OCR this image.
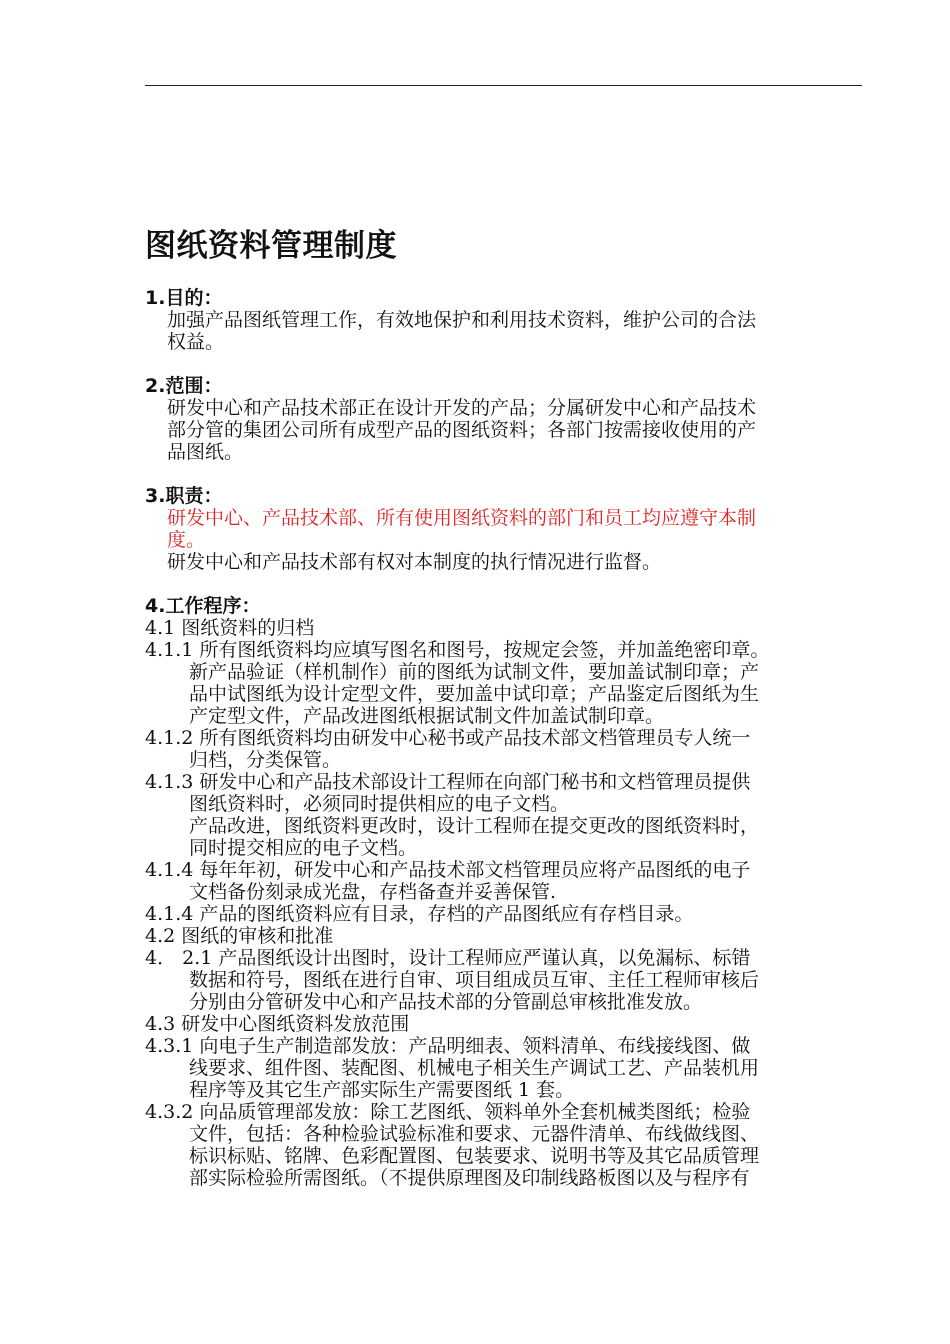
图纸资料管理制度
1.目的：
加强产品图纸管理工作，有效地保护和利用技术资料，维护公司的合法
权益。
2.范围：
研发中心和产品技术部正在设计开发的产品；分属研发中心和产品技术
部分管的集团公司所有成型产品的图纸资料；各部门按需接收使用的产
品图纸。
3.职责：
研发中心、产品技术部、所有使用图纸资料的部门和员工均应遵守本制
度。
研发中心和产品技术部有权对本制度的执行情况进行监督。
4.工作程序：
4.1 图纸资料的归档
4.1.1 所有图纸资料均应填写图名和图号，按规定会签，并加盖绝密印章。
新产品验证（样机制作）前的图纸为试制文件，要加盖试制印章；产
品中试图纸为设计定型文件，要加盖中试印章；产品鉴定后图纸为生
产定型文件，产品改进图纸根据试制文件加盖试制印章。
4.1.2 所有图纸资料均由研发中心秘书或产品技术部文档管理员专人统一
归档，分类保管。
4.1.3 研发中心和产品技术部设计工程师在向部门秘书和文档管理员提供
图纸资料时，必须同时提供相应的电子文档。
产品改进，图纸资料更改时，设计工程师在提交更改的图纸资料时，
同时提交相应的电子文档。
4.1.4 每年年初，研发中心和产品技术部文档管理员应将产品图纸的电子
文档备份刻录成光盘，存档备查并妥善保管.
4.1.4 产品的图纸资料应有目录，存档的产品图纸应有存档目录。
4.2 图纸的审核和批准
4． 2.1 产品图纸设计出图时，设计工程师应严谨认真，以免漏标、标错
数据和符号，图纸在进行自审、项目组成员互审、主任工程师审核后
分别由分管研发中心和产品技术部的分管副总审核批准发放。
4.3 研发中心图纸资料发放范围
4.3.1 向电子生产制造部发放：产品明细表、领料清单、布线接线图、做
线要求、组件图、装配图、机械电子相关生产调试工艺、产品装机用
程序等及其它生产部实际生产需要图纸 1 套。
4.3.2 向品质管理部发放：除工艺图纸、领料单外全套机械类图纸；检验
文件，包括：各种检验试验标准和要求、元器件清单、布线做线图、
标识标贴、铭牌、色彩配置图、包装要求、说明书等及其它品质管理
部实际检验所需图纸。（不提供原理图及印制线路板图以及与程序有
